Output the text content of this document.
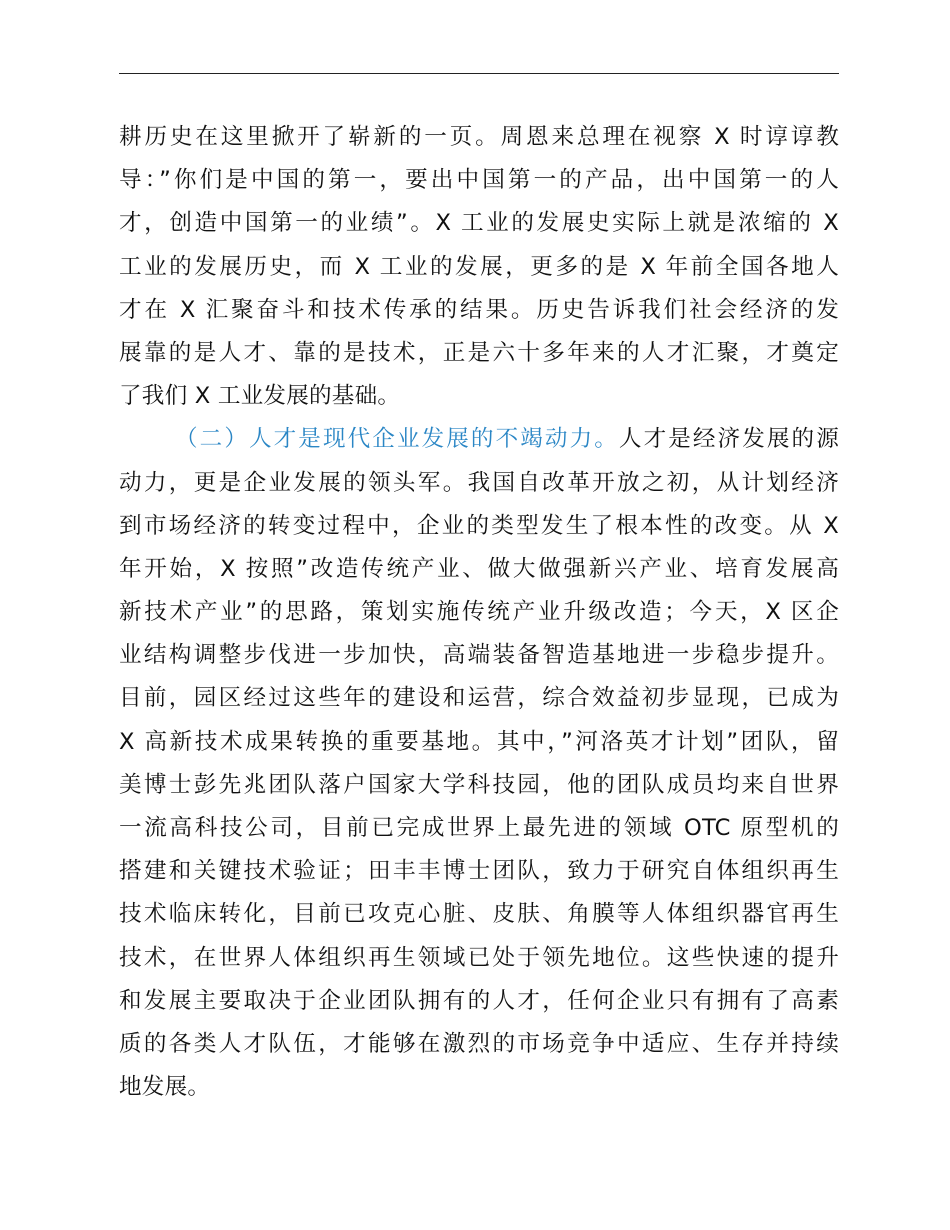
耕历史在这里掀开了崭新的一页。周恩来总理在视察 X 时谆谆教
导：”你们是中国的第一，要出中国第一的产品，出中国第一的人
才，创造中国第一的业绩”。X 工业的发展史实际上就是浓缩的 X
工业的发展历史，而 X 工业的发展，更多的是 X 年前全国各地人
才在 X 汇聚奋斗和技术传承的结果。历史告诉我们社会经济的发
展靠的是人才、靠的是技术，正是六十多年来的人才汇聚，才奠定
了我们 X 工业发展的基础。
（二）人才是现代企业发展的不竭动力。人才是经济发展的源
动力，更是企业发展的领头军。我国自改革开放之初，从计划经济
到市场经济的转变过程中，企业的类型发生了根本性的改变。从 X
年开始，X 按照”改造传统产业、做大做强新兴产业、培育发展高
新技术产业”的思路，策划实施传统产业升级改造；今天，X 区企
业结构调整步伐进一步加快，高端装备智造基地进一步稳步提升。
目前，园区经过这些年的建设和运营，综合效益初步显现，已成为
X 高新技术成果转换的重要基地。其中，”河洛英才计划”团队，留
美博士彭先兆团队落户国家大学科技园，他的团队成员均来自世界
一流高科技公司，目前已完成世界上最先进的领域 OTC 原型机的
搭建和关键技术验证；田丰丰博士团队，致力于研究自体组织再生
技术临床转化，目前已攻克心脏、皮肤、角膜等人体组织器官再生
技术，在世界人体组织再生领域已处于领先地位。这些快速的提升
和发展主要取决于企业团队拥有的人才，任何企业只有拥有了高素
质的各类人才队伍，才能够在激烈的市场竞争中适应、生存并持续
地发展。
